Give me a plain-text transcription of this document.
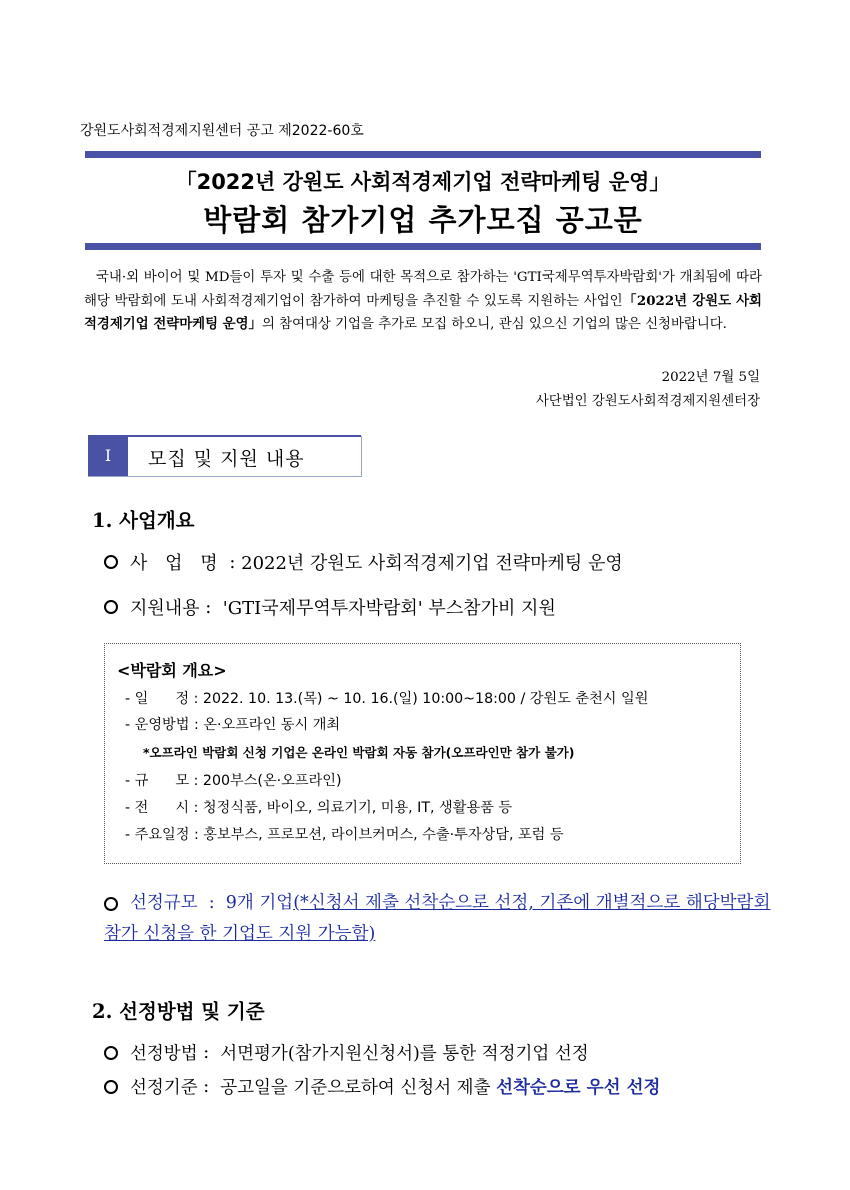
강원도사회적경제지원센터 공고 제2022-60호
「2022년 강원도 사회적경제기업 전략마케팅 운영」
박람회 참가기업 추가모집 공고문
국내·외 바이어 및 MD들이 투자 및 수출 등에 대한 목적으로 참가하는 'GTI국제무역투자박람회'가 개최됨에 따라 해당 박람회에 도내 사회적경제기업이 참가하여 마케팅을 추진할 수 있도록 지원하는 사업인「2022년 강원도 사회적경제기업 전략마케팅 운영」의 참여대상 기업을 추가로 모집 하오니, 관심 있으신 기업의 많은 신청바랍니다.
2022년 7월 5일
사단법인 강원도사회적경제지원센터장
Ⅰ	모집 및 지원 내용
1. 사업개요
사 업 명 : 2022년 강원도 사회적경제기업 전략마케팅 운영
지원내용 : 'GTI국제무역투자박람회' 부스참가비 지원
<박람회 개요>
- 일      정 : 2022. 10. 13.(목) ~ 10. 16.(일) 10:00~18:00 / 강원도 춘천시 일원
- 운영방법 : 온·오프라인 동시 개최
*오프라인 박람회 신청 기업은 온라인 박람회 자동 참가(오프라인만 참가 불가)
- 규      모 : 200부스(온·오프라인)
- 전      시 : 청정식품, 바이오, 의료기기, 미용, IT, 생활용품 등
- 주요일정 : 홍보부스, 프로모션, 라이브커머스, 수출·투자상담, 포럼 등
선정규모  :  9개 기업(*신청서 제출 선착순으로 선정, 기존에 개별적으로 해당박람회 참가 신청을 한 기업도 지원 가능함)
2. 선정방법 및 기준
선정방법 : 서면평가(참가지원신청서)를 통한 적정기업 선정
선정기준 : 공고일을 기준으로하여 신청서 제출
선착순으로 우선 선정
